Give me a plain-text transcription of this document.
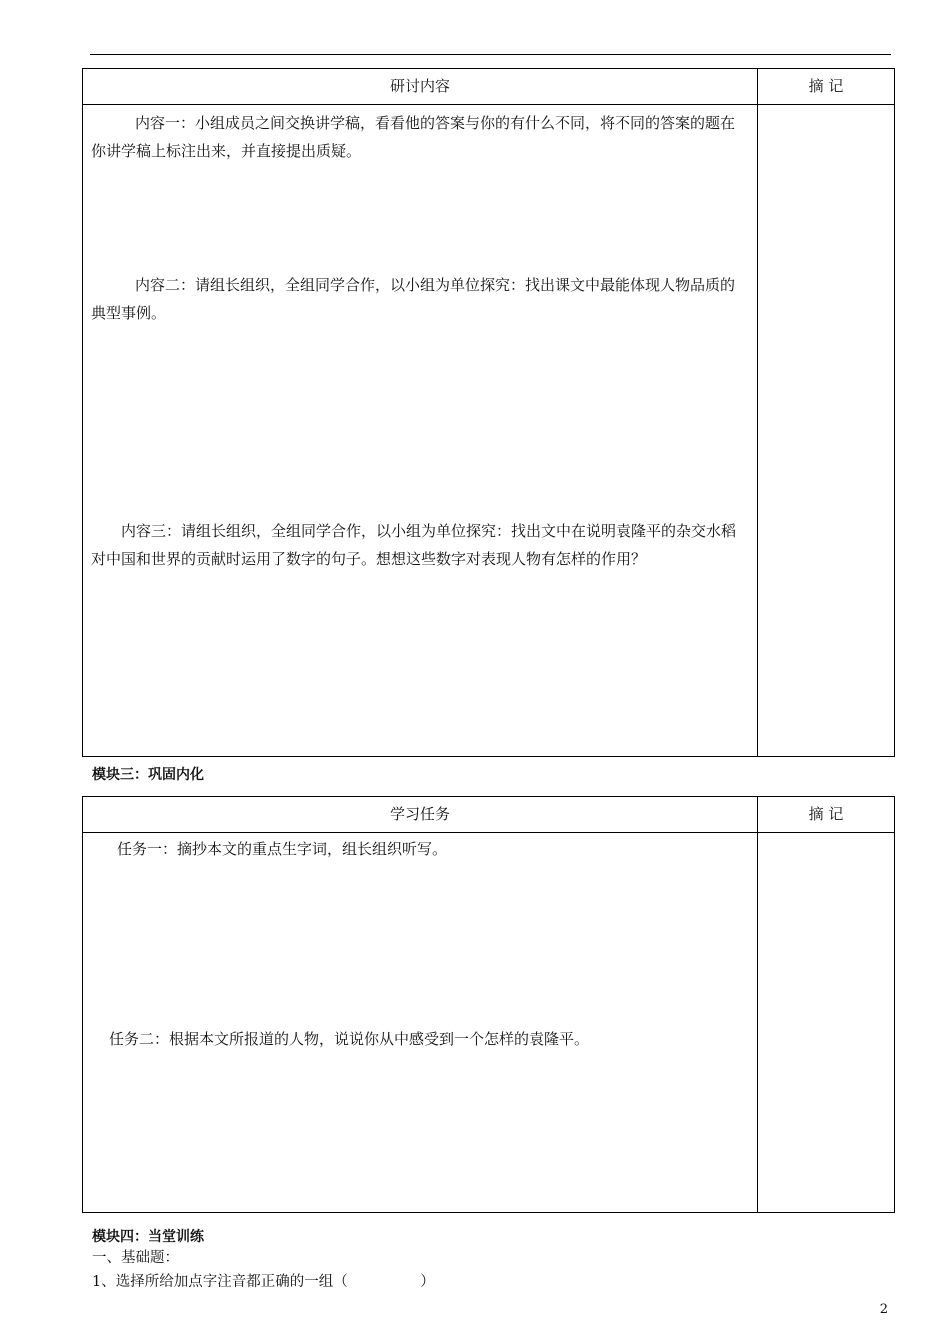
研讨内容	摘 记

内容一：小组成员之间交换讲学稿，看看他的答案与你的有什么不同，将不同的答案的题在你讲学稿上标注出来，并直接提出质疑。
内容二：请组长组织，全组同学合作，以小组为单位探究：找出课文中最能体现人物品质的典型事例。
内容三：请组长组织，全组同学合作，以小组为单位探究：找出文中在说明袁隆平的杂交水稻对中国和世界的贡献时运用了数字的句子。想想这些数字对表现人物有怎样的作用？	

模块三：巩固内化
学习任务	摘 记

任务一：摘抄本文的重点生字词，组长组织听写。
任务二：根据本文所报道的人物，说说你从中感受到一个怎样的袁隆平。	

模块四：当堂训练
一、基础题：
1、选择所给加点字注音都正确的一组（　　　　　）
2
